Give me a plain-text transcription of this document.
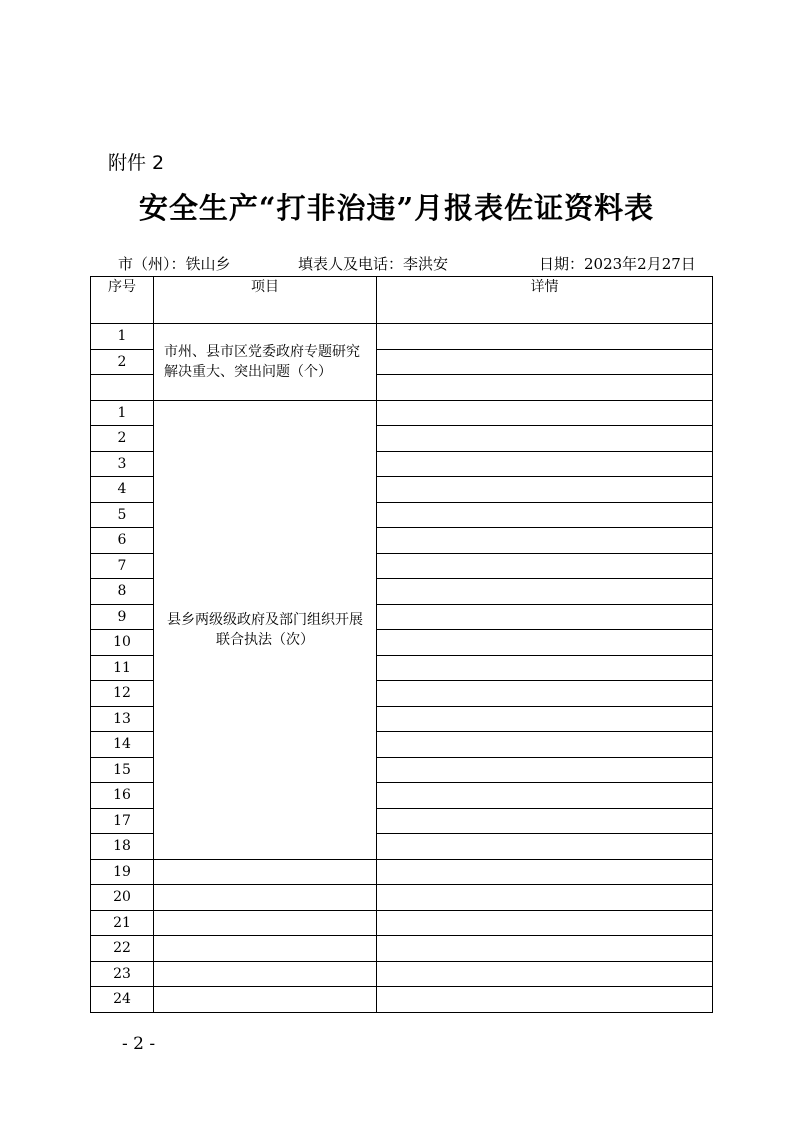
附件 2
安全生产“打非治违”月报表佐证资料表
市（州）：铁山乡	填表人及电话：李洪安	日期：2023年2月27日
序号	项目	详情
1	市州、县市区党委政府专题研究解决重大、突出问题（个）	
2		

1	县乡两级级政府及部门组织开展联合执法（次）	
2		
3		
4		
5		
6		
7		
8		
9		
10		
11		
12		
13		
14		
15		
16		
17		
18		
19		
20		
21		
22		
23		
24		
- 2 -
